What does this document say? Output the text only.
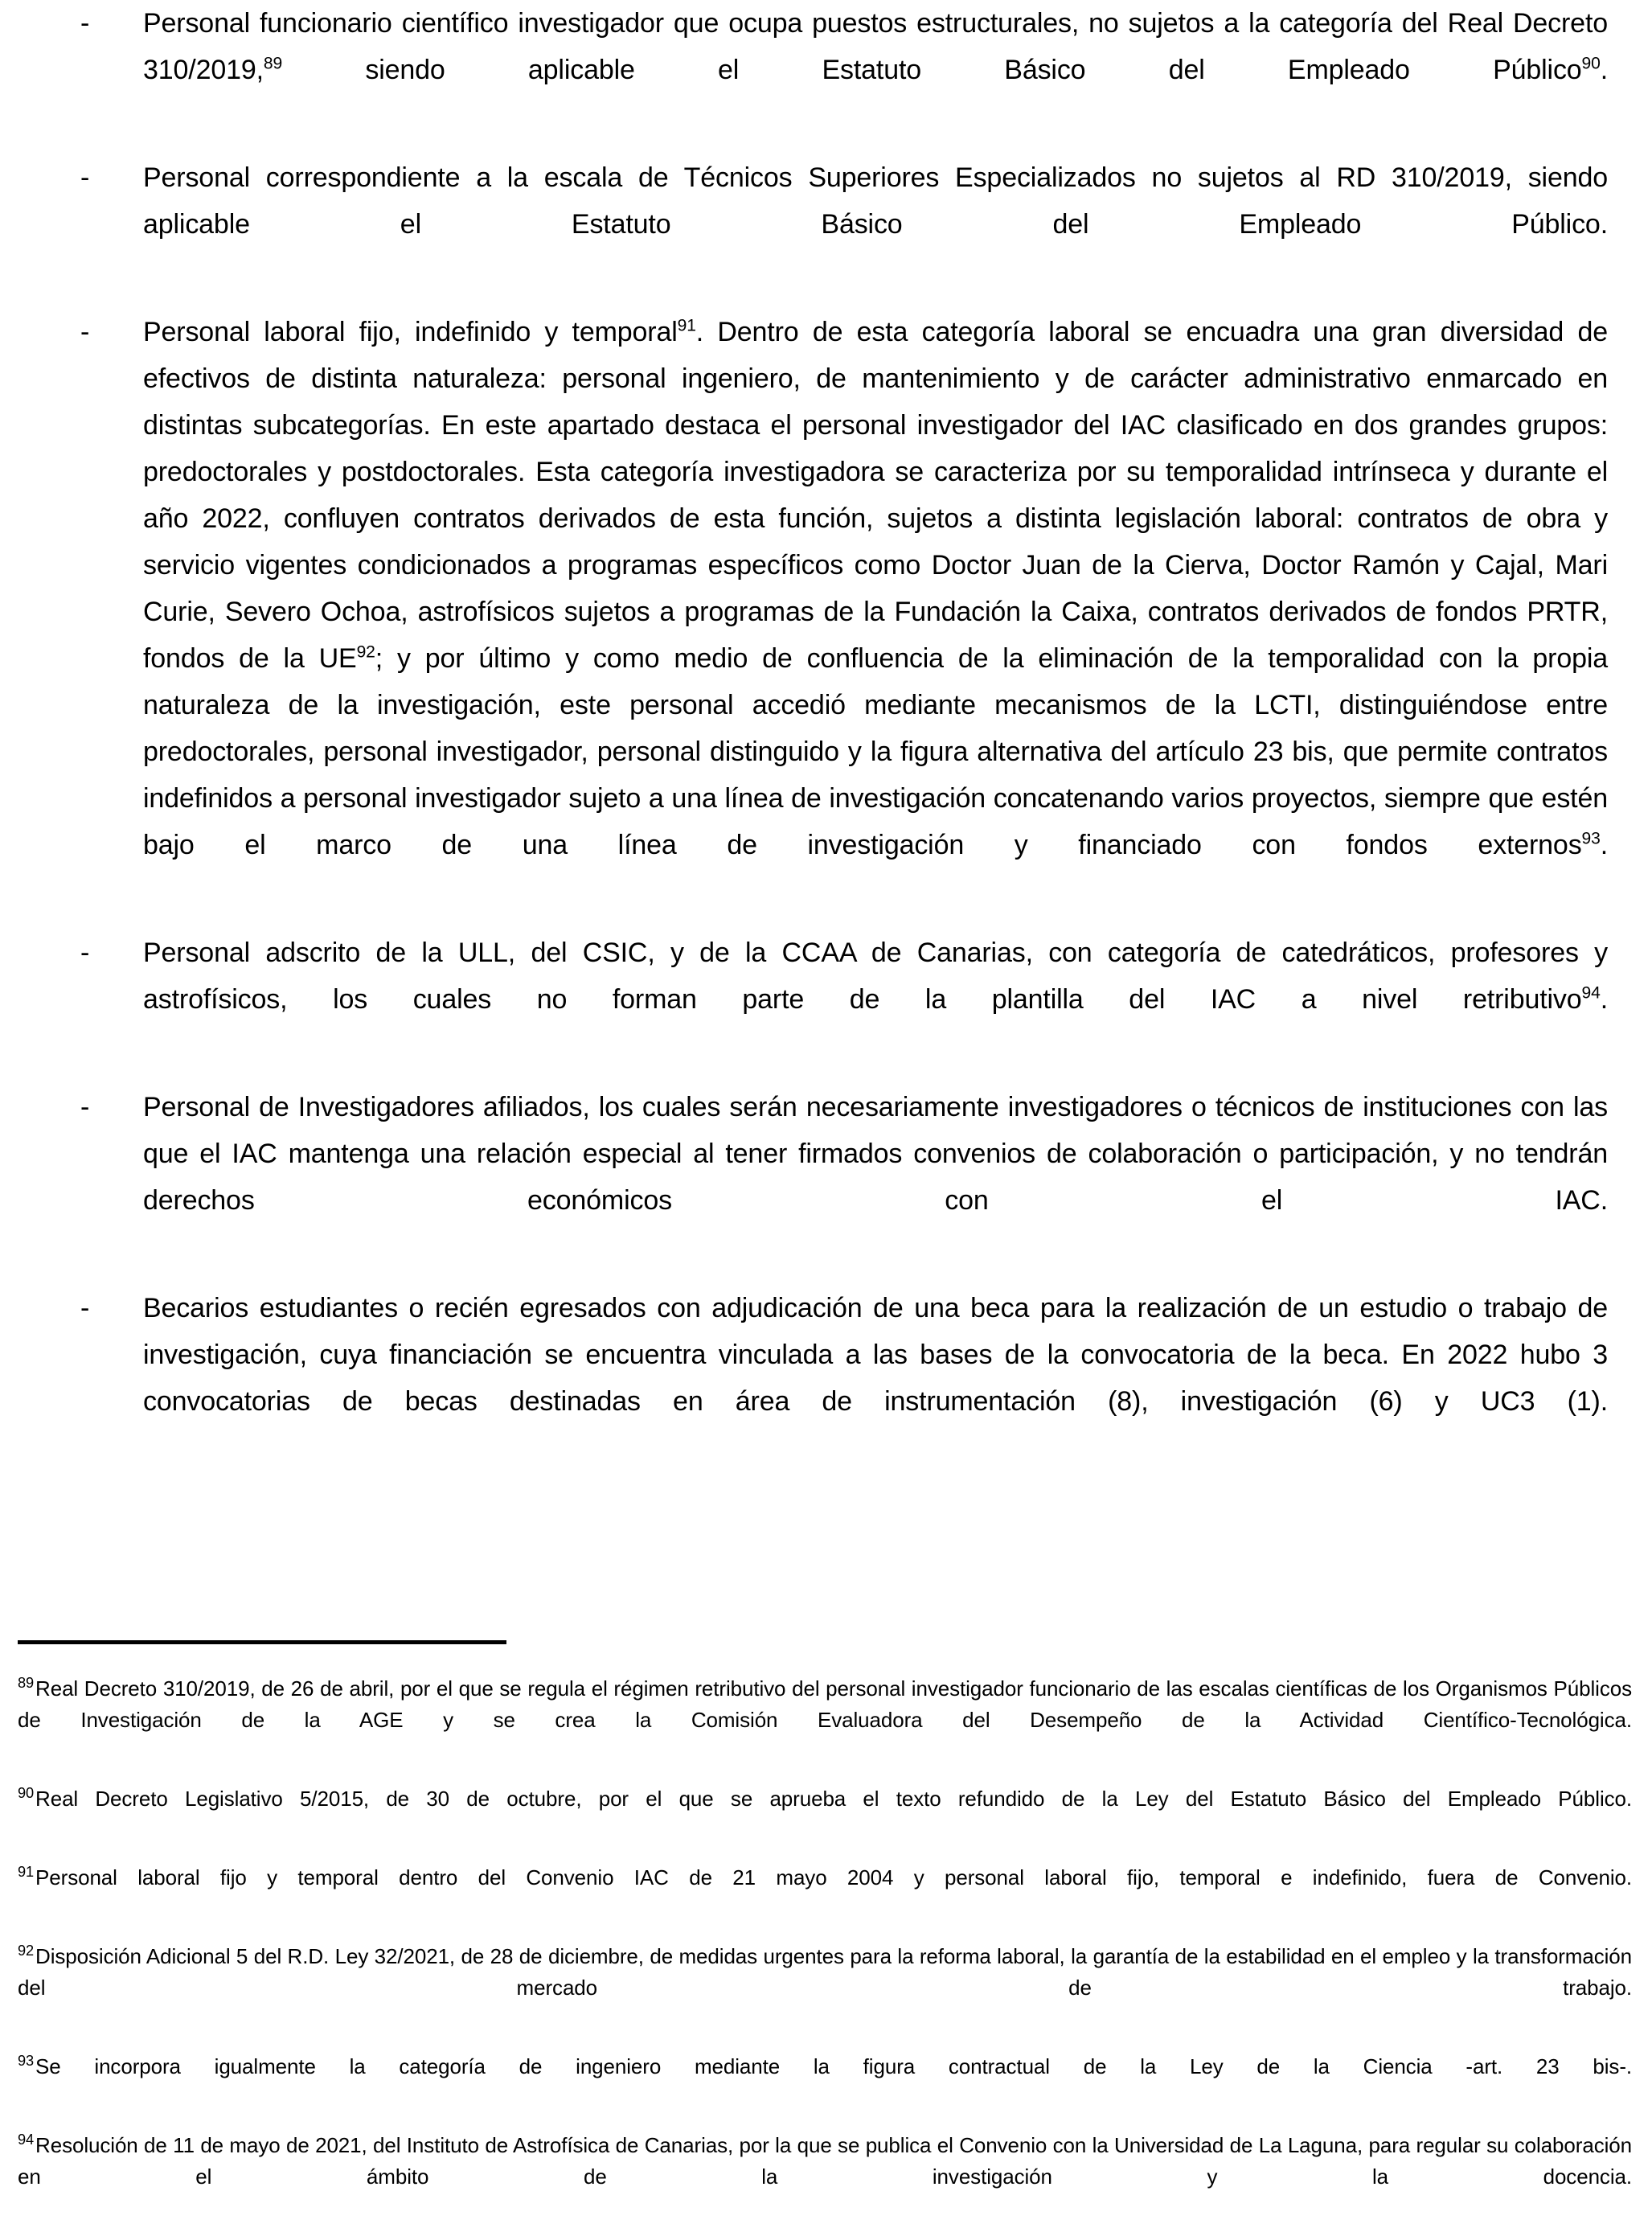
- Personal funcionario científico investigador que ocupa puestos estructurales, no sujetos a la categoría del Real Decreto 310/2019,89 siendo aplicable el Estatuto Básico del Empleado Público$^{90}$.
- Personal correspondiente a la escala de Técnicos Superiores Especializados no sujetos al RD 310/2019, siendo aplicable el Estatuto Básico del Empleado Público.
- Personal laboral fijo, indefinido y temporal$^{91}$. Dentro de esta categoría laboral se encuadra una gran diversidad de efectivos de distinta naturaleza: personal ingeniero, de mantenimiento y de carácter administrativo enmarcado en distintas subcategorías. En este apartado destaca el personal investigador del IAC clasificado en dos grandes grupos: predoctorales y postdoctorales. Esta categoría investigadora se caracteriza por su temporalidad intrínseca y durante el año 2022, confluyen contratos derivados de esta función, sujetos a distinta legislación laboral: contratos de obra y servicio vigentes condicionados a programas específicos como Doctor Juan de la Cierva, Doctor Ramón y Cajal, Mari Curie, Severo Ochoa, astrofísicos sujetos a programas de la Fundación la Caixa, contratos derivados de fondos PRTR, fondos de la UE$^{92}$; y por último y como medio de confluencia de la eliminación de la temporalidad con la propia naturaleza de la investigación, este personal accedió mediante mecanismos de la LCTI, distinguiéndose entre predoctorales, personal investigador, personal distinguido y la figura alternativa del artículo 23 bis, que permite contratos indefinidos a personal investigador sujeto a una línea de investigación concatenando varios proyectos, siempre que estén bajo el marco de una línea de investigación y financiado con fondos externos$^{93}$.
- Personal adscrito de la ULL, del CSIC, y de la CCAA de Canarias, con categoría de catedráticos, profesores y astrofísicos, los cuales no forman parte de la plantilla del IAC a nivel retributivo$^{94}$.
- Personal de Investigadores afiliados, los cuales serán necesariamente investigadores o técnicos de instituciones con las que el IAC mantenga una relación especial al tener firmados convenios de colaboración o participación, y no tendrán derechos económicos con el IAC.
- Becarios estudiantes o recién egresados con adjudicación de una beca para la realización de un estudio o trabajo de investigación, cuya financiación se encuentra vinculada a las bases de la convocatoria de la beca. En 2022 hubo 3 convocatorias de becas destinadas en área de instrumentación (8), investigación (6) y UC3 (1).

$^{89}$Real Decreto 310/2019, de 26 de abril, por el que se regula el régimen retributivo del personal investigador funcionario de las escalas científicas de los Organismos Públicos de Investigación de la AGE y se crea la Comisión Evaluadora del Desempeño de la Actividad Científico-Tecnológica.

$^{90}$Real Decreto Legislativo 5/2015, de 30 de octubre, por el que se aprueba el texto refundido de la Ley del Estatuto Básico del Empleado Público.

$^{91}$Personal laboral fijo y temporal dentro del Convenio IAC de 21 mayo 2004 y personal laboral fijo, temporal e indefinido, fuera de Convenio.

$^{92}$Disposición Adicional 5 del R.D. Ley 32/2021, de 28 de diciembre, de medidas urgentes para la reforma laboral, la garantía de la estabilidad en el empleo y la transformación del mercado de trabajo.

$^{93}$Se incorpora igualmente la categoría de ingeniero mediante la figura contractual de la Ley de la Ciencia -art. 23 bis-.

$^{94}$Resolución de 11 de mayo de 2021, del Instituto de Astrofísica de Canarias, por la que se publica el Convenio con la Universidad de La Laguna, para regular su colaboración en el ámbito de la investigación y la docencia.
